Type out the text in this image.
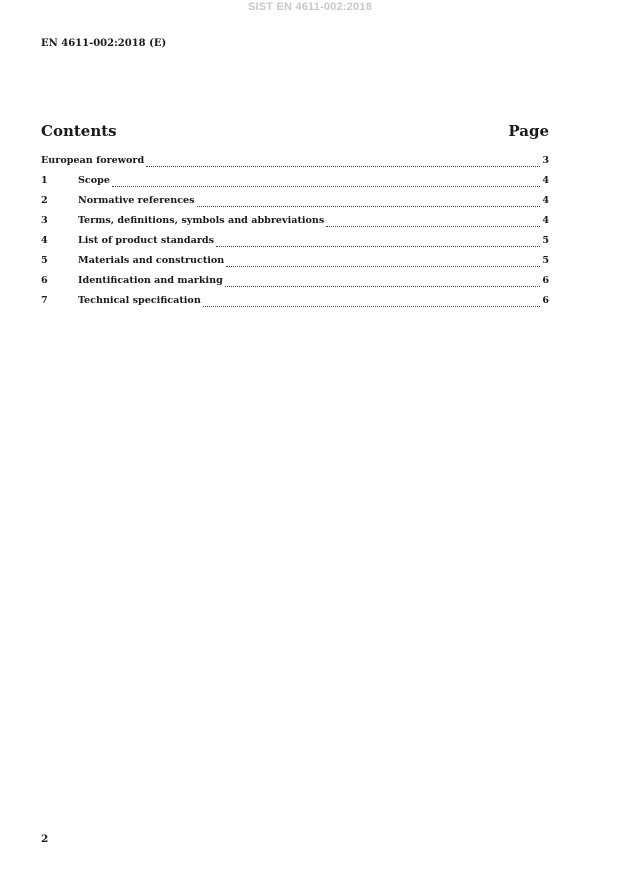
SIST EN 4611-002:2018
EN 4611-002:2018 (E)
Contents	Page
European foreword	3
1	Scope	4
2	Normative references	4
3	Terms, definitions, symbols and abbreviations	4
4	List of product standards	5
5	Materials and construction	5
6	Identification and marking	6
7	Technical specification	6
2
